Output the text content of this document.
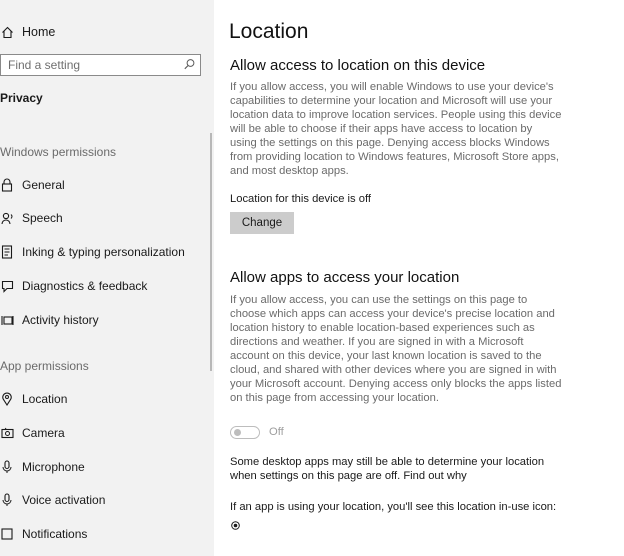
Home
Find a setting
Privacy
Windows permissions
General
Speech
Inking & typing personalization
Diagnostics & feedback
Activity history
App permissions
Location
Camera
Microphone
Voice activation
Notifications
Location
Allow access to location on this device

If you allow access, you will enable Windows to use your device's capabilities to determine your location and Microsoft will use your location data to improve location services. People using this device will be able to choose if their apps have access to location by using the settings on this page. Denying access blocks Windows from providing location to Windows features, Microsoft Store apps, and most desktop apps.

Location for this device is off
Change
Allow apps to access your location

If you allow access, you can use the settings on this page to choose which apps can access your device's precise location and location history to enable location-based experiences such as directions and weather. If you are signed in with a Microsoft account on this device, your last known location is saved to the cloud, and shared with other devices where you are signed in with your Microsoft account. Denying access only blocks the apps listed on this page from accessing your location.

Off

Some desktop apps may still be able to determine your location when settings on this page are off. Find out why

If an app is using your location, you'll see this location in-use icon:
